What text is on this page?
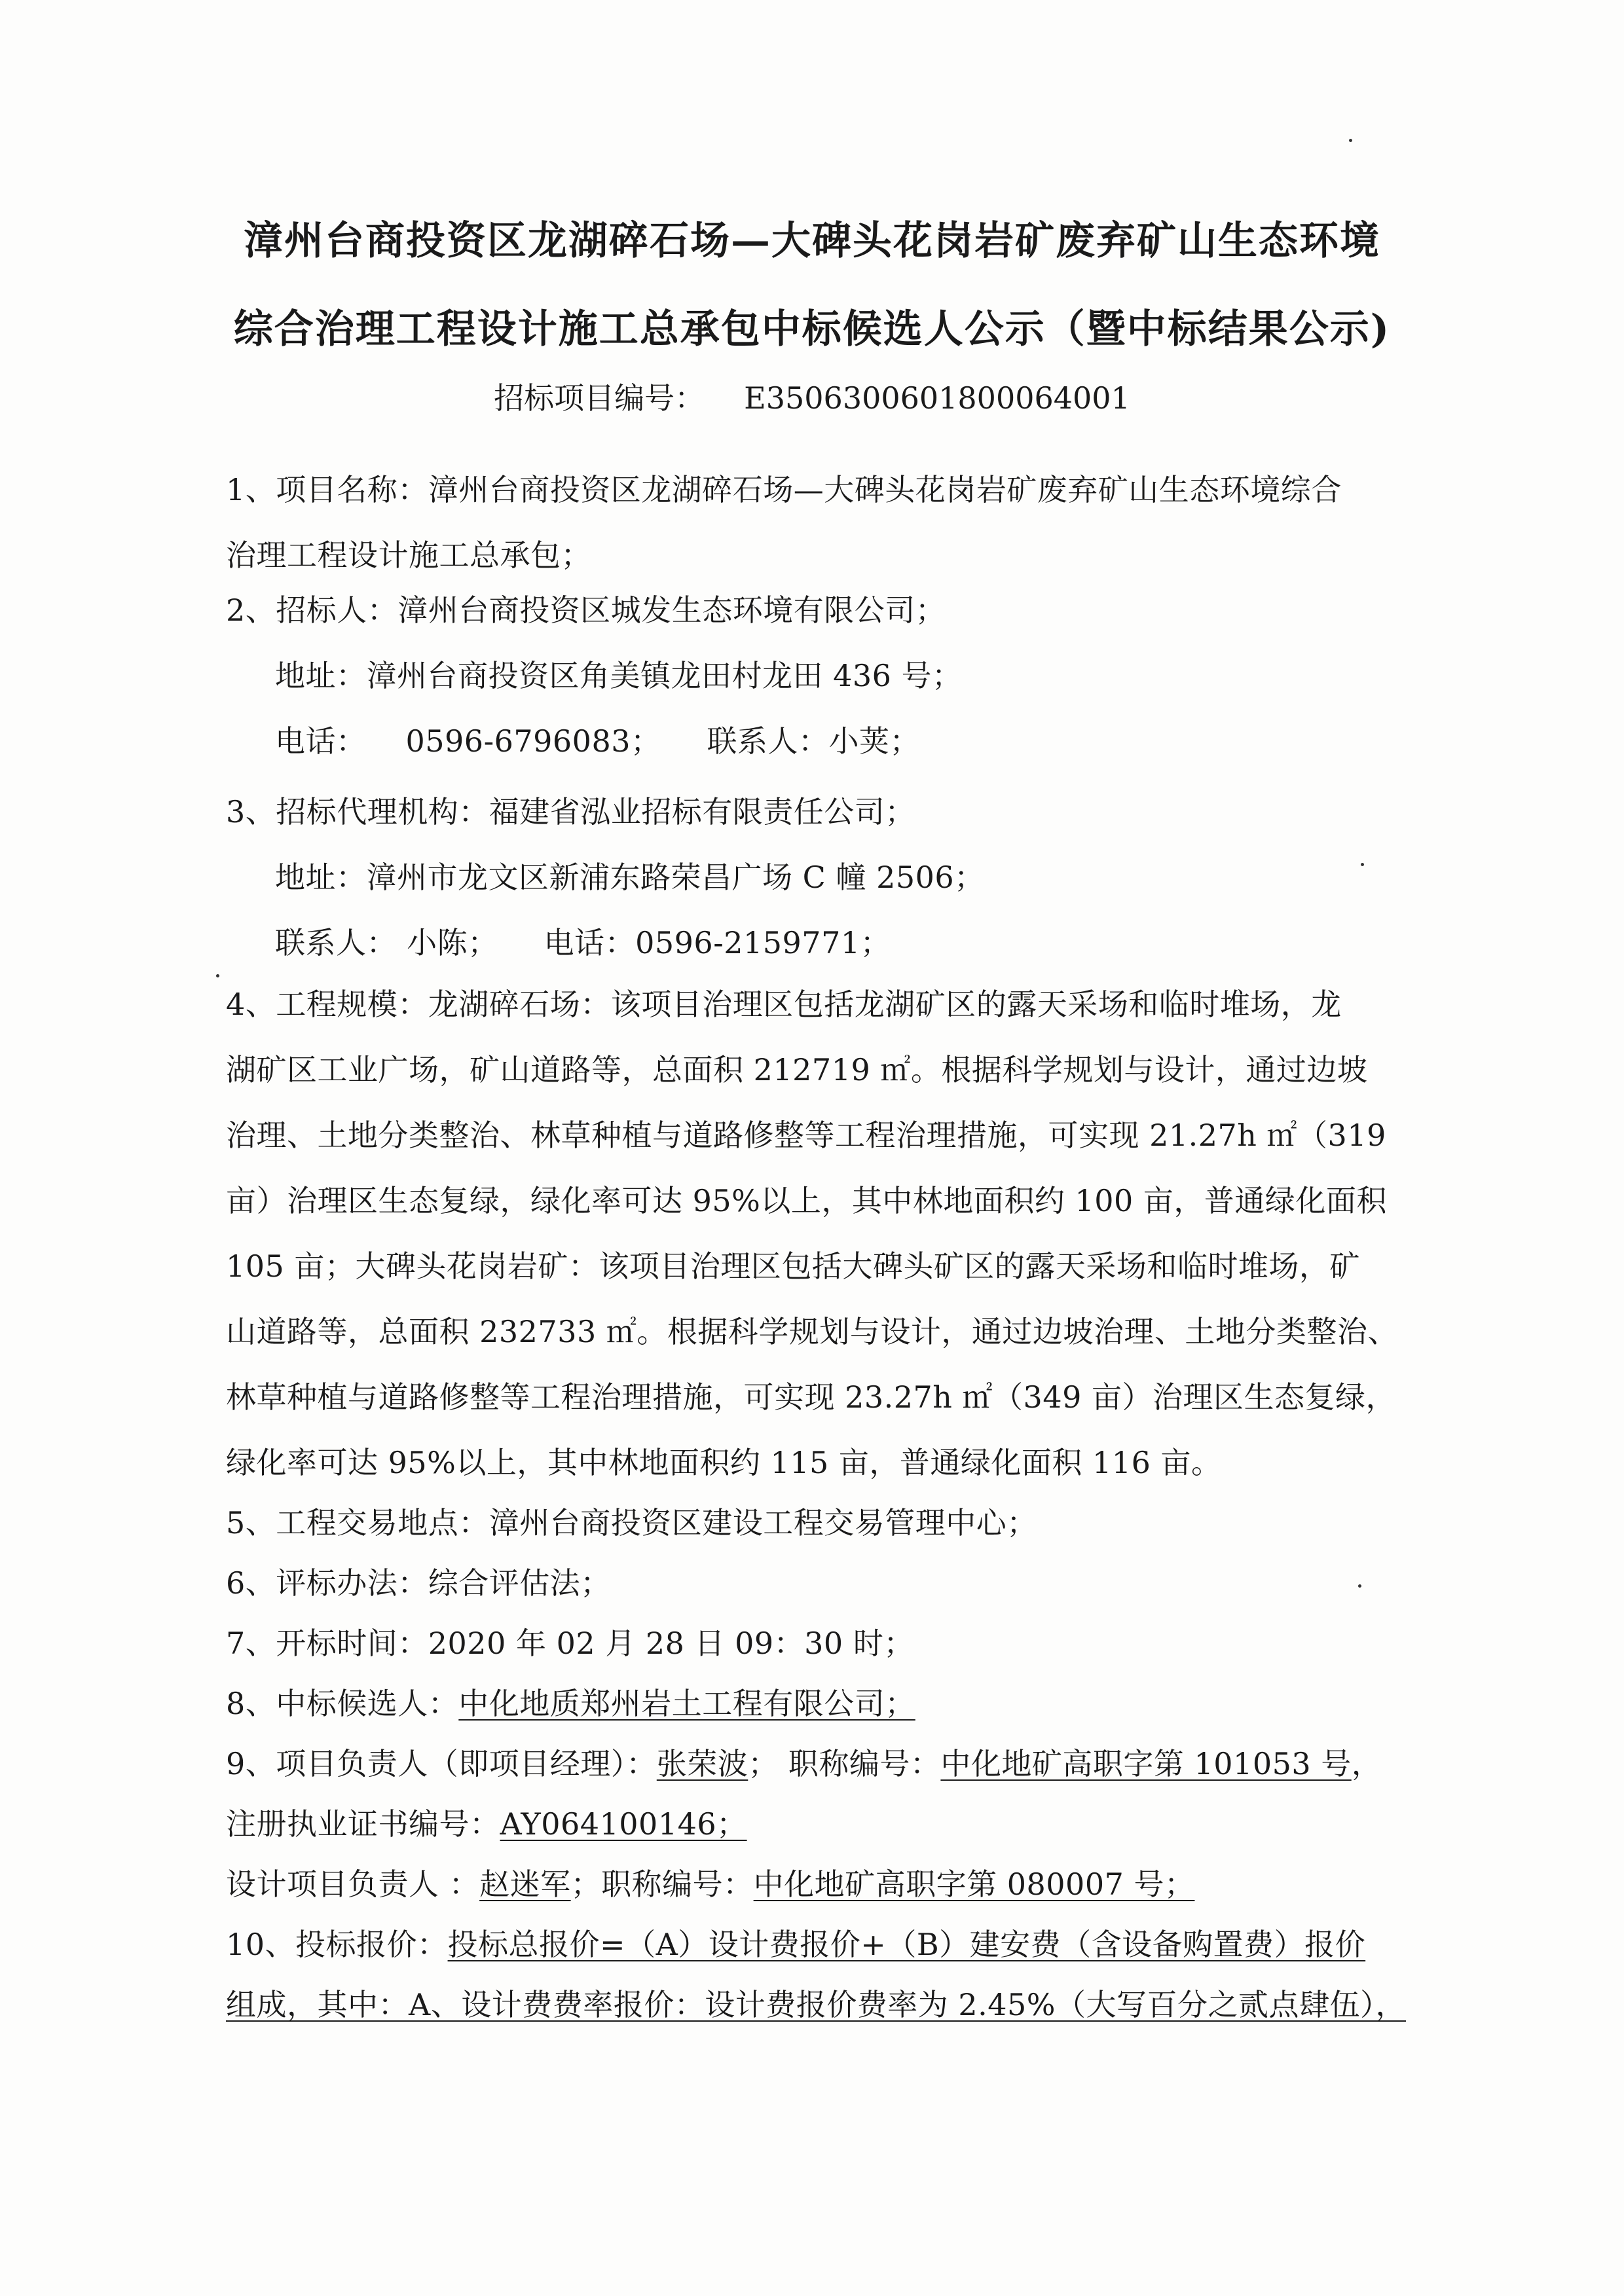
漳州台商投资区龙湖碎石场—大碑头花岗岩矿废弃矿山生态环境
综合治理工程设计施工总承包中标候选人公示（暨中标结果公示)
招标项目编号： E3506300601800064001
1、项目名称：漳州台商投资区龙湖碎石场—大碑头花岗岩矿废弃矿山生态环境综合
治理工程设计施工总承包；
2、招标人：漳州台商投资区城发生态环境有限公司；
地址：漳州台商投资区角美镇龙田村龙田 436 号；
电话： 0596-6796083； 联系人：小荚；
3、招标代理机构：福建省泓业招标有限责任公司；
地址：漳州市龙文区新浦东路荣昌广场 C 幢 2506；
联系人： 小陈； 电话：0596-2159771；
4、工程规模：龙湖碎石场：该项目治理区包括龙湖矿区的露天采场和临时堆场，龙
湖矿区工业广场，矿山道路等，总面积 212719 ㎡。根据科学规划与设计，通过边坡
治理、土地分类整治、林草种植与道路修整等工程治理措施，可实现 21.27h ㎡（319
亩）治理区生态复绿，绿化率可达 95%以上，其中林地面积约 100 亩，普通绿化面积
105 亩；大碑头花岗岩矿：该项目治理区包括大碑头矿区的露天采场和临时堆场，矿
山道路等，总面积 232733 ㎡。根据科学规划与设计，通过边坡治理、土地分类整治、
林草种植与道路修整等工程治理措施，可实现 23.27h ㎡（349 亩）治理区生态复绿，
绿化率可达 95%以上，其中林地面积约 115 亩，普通绿化面积 116 亩。
5、工程交易地点：漳州台商投资区建设工程交易管理中心；
6、评标办法：综合评估法；
7、开标时间：2020 年 02 月 28 日 09：30 时；
8、中标候选人：中化地质郑州岩土工程有限公司；
9、项目负责人（即项目经理）：张荣波； 职称编号：中化地矿高职字第 101053 号，
注册执业证书编号：AY064100146；
设计项目负责人 ：赵迷军；职称编号：中化地矿高职字第 080007 号；
10、投标报价：投标总报价=（A）设计费报价+（B）建安费（含设备购置费）报价
组成，其中：A、设计费费率报价：设计费报价费率为 2.45%（大写百分之贰点肆伍），
